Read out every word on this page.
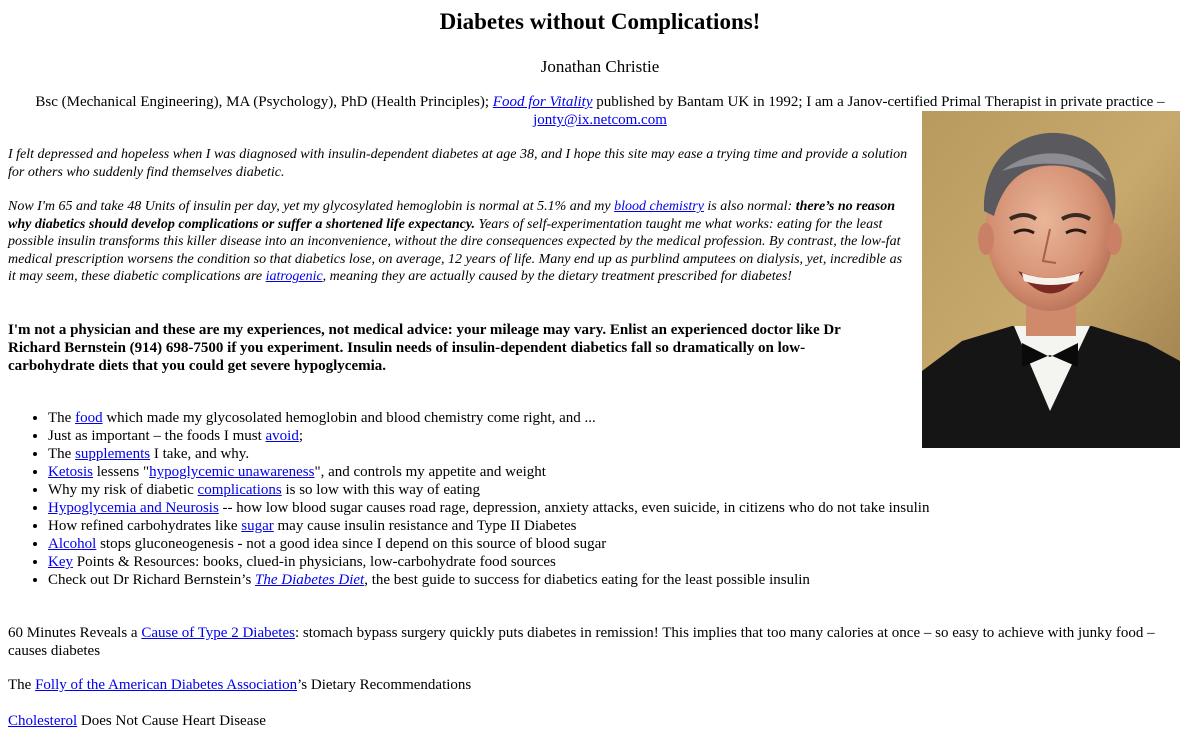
Diabetes without Complications!
Jonathan Christie
Bsc (Mechanical Engineering), MA (Psychology), PhD (Health Principles); Food for Vitality published by Bantam UK in 1992; I am a Janov-certified Primal Therapist in private practice – jonty@ix.netcom.com

I felt depressed and hopeless when I was diagnosed with insulin-dependent diabetes at age 38, and I hope this site may ease a trying time and provide a solution for others who suddenly find themselves diabetic.

Now I'm 65 and take 48 Units of insulin per day, yet my glycosylated hemoglobin is normal at 5.1% and my blood chemistry is also normal: there’s no reason why diabetics should develop complications or suffer a shortened life expectancy. Years of self-experimentation taught me what works: eating for the least possible insulin transforms this killer disease into an inconvenience, without the dire consequences expected by the medical profession. By contrast, the low-fat medical prescription worsens the condition so that diabetics lose, on average, 12 years of life. Many end up as purblind amputees on dialysis, yet, incredible as it may seem, these diabetic complications are iatrogenic, meaning they are actually caused by the dietary treatment prescribed for diabetes!

I'm not a physician and these are my experiences, not medical advice: your mileage may vary. Enlist an experienced doctor like Dr Richard Bernstein (914) 698-7500 if you experiment. Insulin needs of insulin-dependent diabetics fall so dramatically on low-carbohydrate diets that you could get severe hypoglycemia.

• The food which made my glycosolated hemoglobin and blood chemistry come right, and ...
• Just as important – the foods I must avoid;
• The supplements I take, and why.
• Ketosis lessens "hypoglycemic unawareness", and controls my appetite and weight
• Why my risk of diabetic complications is so low with this way of eating
• Hypoglycemia and Neurosis -- how low blood sugar causes road rage, depression, anxiety attacks, even suicide, in citizens who do not take insulin
• How refined carbohydrates like sugar may cause insulin resistance and Type II Diabetes
• Alcohol stops gluconeogenesis - not a good idea since I depend on this source of blood sugar
• Key Points & Resources: books, clued-in physicians, low-carbohydrate food sources
• Check out Dr Richard Bernstein’s The Diabetes Diet, the best guide to success for diabetics eating for the least possible insulin

60 Minutes Reveals a Cause of Type 2 Diabetes: stomach bypass surgery quickly puts diabetes in remission! This implies that too many calories at once – so easy to achieve with junky food – causes diabetes

The Folly of the American Diabetes Association’s Dietary Recommendations

Cholesterol Does Not Cause Heart Disease
